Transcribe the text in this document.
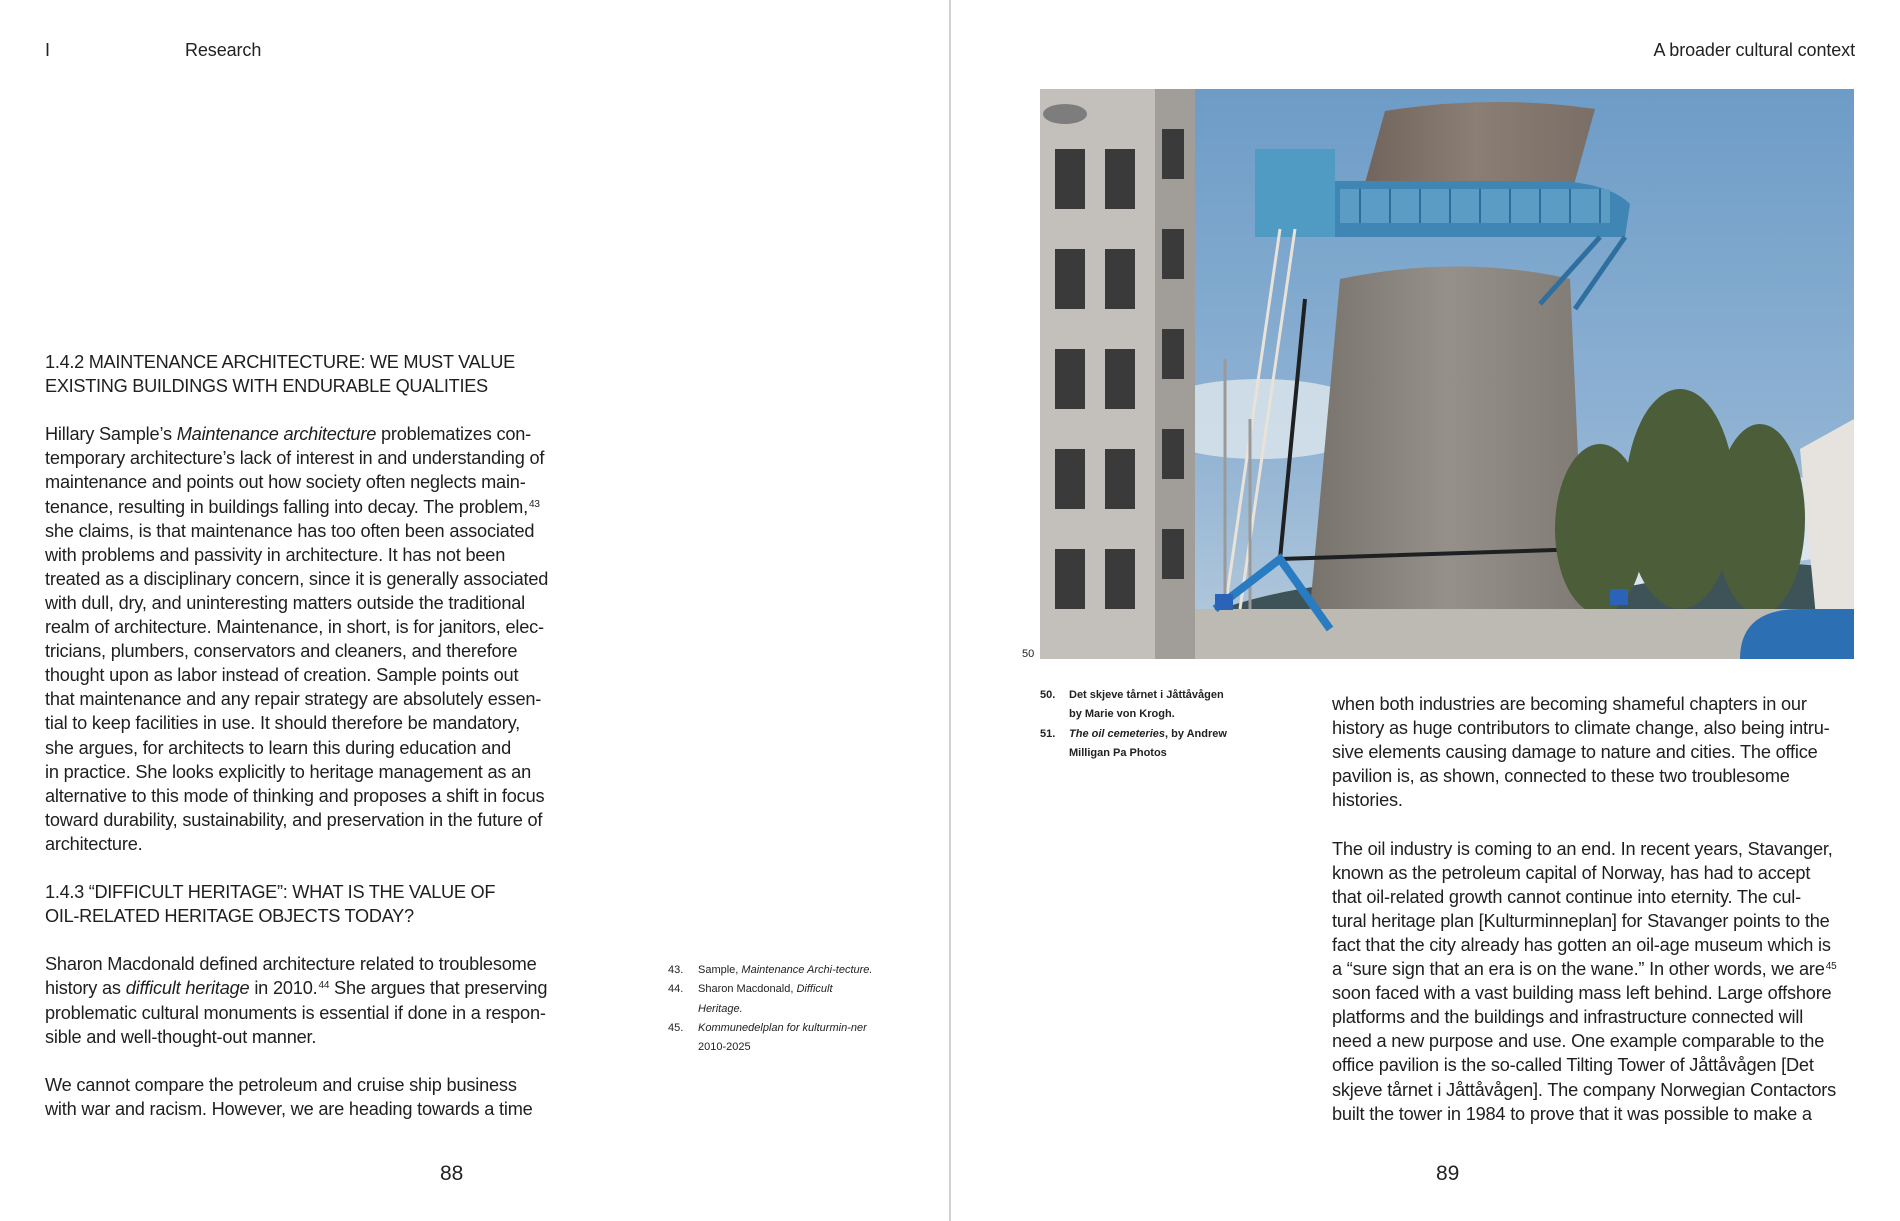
I	Research	A broader cultural context
1.4.2 MAINTENANCE ARCHITECTURE: WE MUST VALUE
EXISTING BUILDINGS WITH ENDURABLE QUALITIES

Hillary Sample’s Maintenance architecture problematizes con-
temporary architecture’s lack of interest in and understanding of
maintenance and points out how society often neglects main-
tenance, resulting in buildings falling into decay. The problem,$^{43}$
she claims, is that maintenance has too often been associated
with problems and passivity in architecture. It has not been
treated as a disciplinary concern, since it is generally associated
with dull, dry, and uninteresting matters outside the traditional
realm of architecture. Maintenance, in short, is for janitors, elec-
tricians, plumbers, conservators and cleaners, and therefore
thought upon as labor instead of creation. Sample points out
that maintenance and any repair strategy are absolutely essen-
tial to keep facilities in use. It should therefore be mandatory,
she argues, for architects to learn this during education and
in practice. She looks explicitly to heritage management as an
alternative to this mode of thinking and proposes a shift in focus
toward durability, sustainability, and preservation in the future of
architecture.

1.4.3 “DIFFICULT HERITAGE”: WHAT IS THE VALUE OF
OIL-RELATED HERITAGE OBJECTS TODAY?

Sharon Macdonald defined architecture related to troublesome
history as difficult heritage in 2010.44 She argues that preserving
problematic cultural monuments is essential if done in a respon-
sible and well-thought-out manner.

We cannot compare the petroleum and cruise ship business
with war and racism. However, we are heading towards a time

43.	Sample, Maintenance Archi-tecture.
44.	Sharon Macdonald, Difficult Heritage.
45.	Kommunedelplan for kulturmin-ner 2010-2025
88
50
50.	Det skjeve tårnet i Jåttåvågen by Marie von Krogh.
51.	The oil cemeteries, by Andrew Milligan Pa Photos

when both industries are becoming shameful chapters in our
history as huge contributors to climate change, also being intru-
sive elements causing damage to nature and cities. The office
pavilion is, as shown, connected to these two troublesome
histories.

The oil industry is coming to an end. In recent years, Stavanger,
known as the petroleum capital of Norway, has had to accept
that oil-related growth cannot continue into eternity. The cul-
tural heritage plan [Kulturminneplan] for Stavanger points to the
fact that the city already has gotten an oil-age museum which is
a “sure sign that an era is on the wane.” In other words, we are$^{45}$
soon faced with a vast building mass left behind. Large offshore
platforms and the buildings and infrastructure connected will
need a new purpose and use. One example comparable to the
office pavilion is the so-called Tilting Tower of Jåttåvågen [Det
skjeve tårnet i Jåttåvågen]. The company Norwegian Contactors
built the tower in 1984 to prove that it was possible to make a

89
